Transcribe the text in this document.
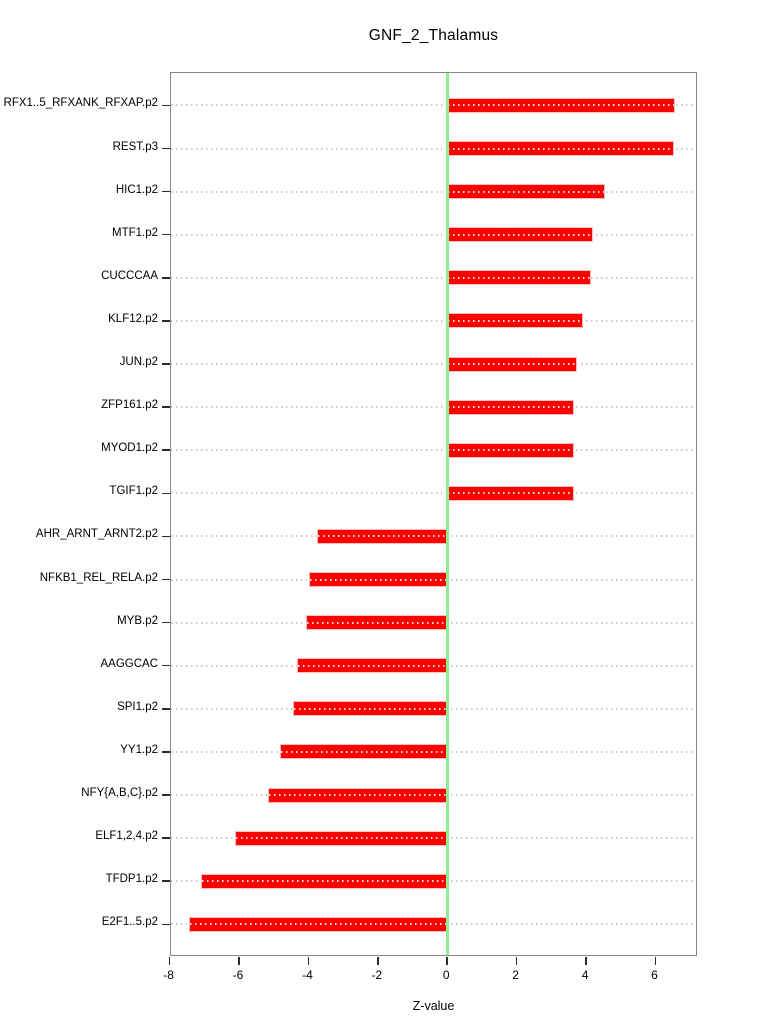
GNF_2_Thalamus
Z-value
RFX1..5_RFXANK_RFXAP.p2
REST.p3
HIC1.p2
MTF1.p2
CUCCCAA
KLF12.p2
JUN.p2
ZFP161.p2
MYOD1.p2
TGIF1.p2
AHR_ARNT_ARNT2.p2
NFKB1_REL_RELA.p2
MYB.p2
AAGGCAC
SPI1.p2
YY1.p2
NFY{A,B,C}.p2
ELF1,2,4.p2
TFDP1.p2
E2F1..5.p2
-8	-6	-4	-2	0	2	4	6
